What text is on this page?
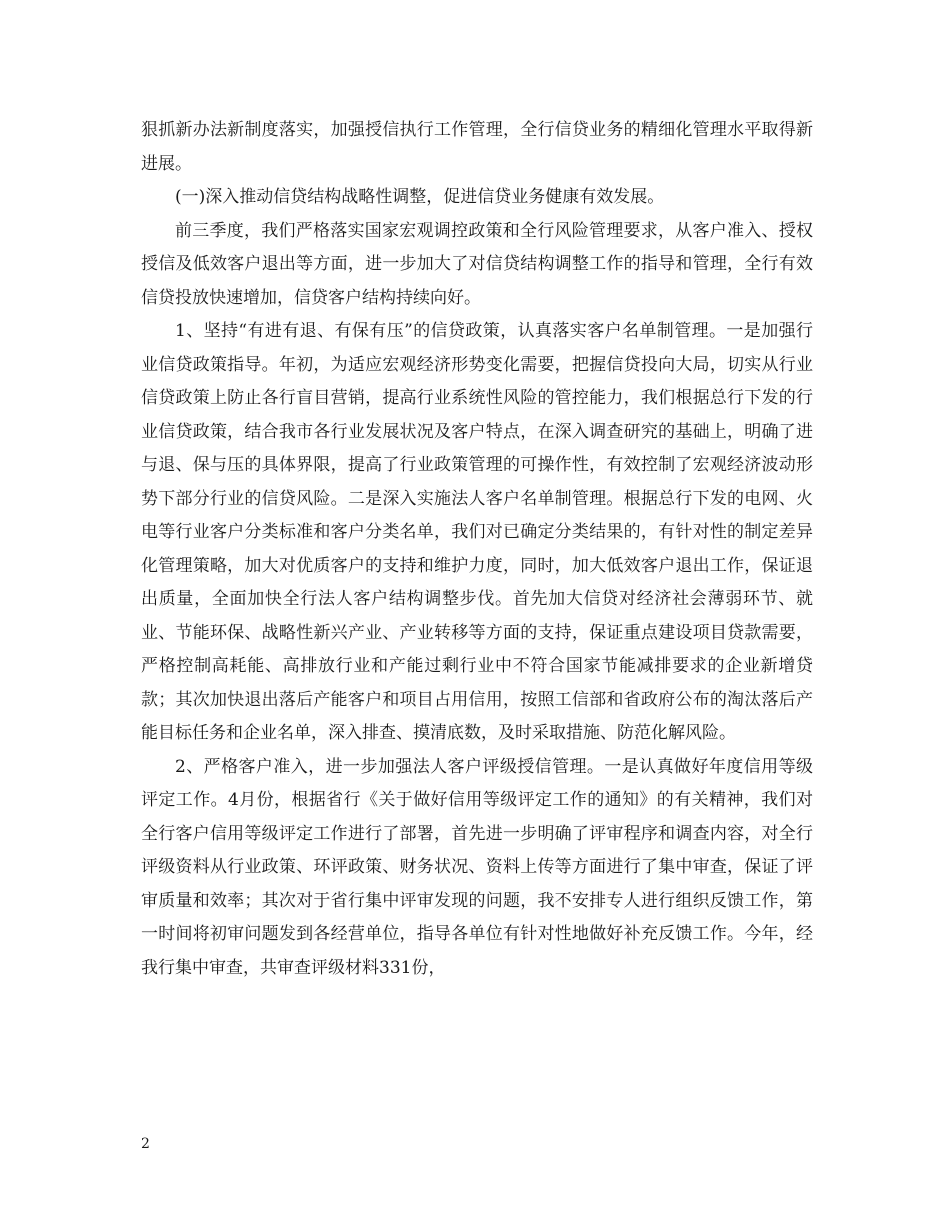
狠抓新办法新制度落实，加强授信执行工作管理，全行信贷业务的精细化管理水平取得新进展。

(一)深入推动信贷结构战略性调整，促进信贷业务健康有效发展。

前三季度，我们严格落实国家宏观调控政策和全行风险管理要求，从客户准入、授权授信及低效客户退出等方面，进一步加大了对信贷结构调整工作的指导和管理，全行有效信贷投放快速增加，信贷客户结构持续向好。

1、坚持“有进有退、有保有压”的信贷政策，认真落实客户名单制管理。一是加强行业信贷政策指导。年初，为适应宏观经济形势变化需要，把握信贷投向大局，切实从行业信贷政策上防止各行盲目营销，提高行业系统性风险的管控能力，我们根据总行下发的行业信贷政策，结合我市各行业发展状况及客户特点，在深入调查研究的基础上，明确了进与退、保与压的具体界限，提高了行业政策管理的可操作性，有效控制了宏观经济波动形势下部分行业的信贷风险。二是深入实施法人客户名单制管理。根据总行下发的电网、火电等行业客户分类标准和客户分类名单，我们对已确定分类结果的，有针对性的制定差异化管理策略，加大对优质客户的支持和维护力度，同时，加大低效客户退出工作，保证退出质量，全面加快全行法人客户结构调整步伐。首先加大信贷对经济社会薄弱环节、就业、节能环保、战略性新兴产业、产业转移等方面的支持，保证重点建设项目贷款需要，严格控制高耗能、高排放行业和产能过剩行业中不符合国家节能减排要求的企业新增贷款；其次加快退出落后产能客户和项目占用信用，按照工信部和省政府公布的淘汰落后产能目标任务和企业名单，深入排查、摸清底数，及时采取措施、防范化解风险。

2、严格客户准入，进一步加强法人客户评级授信管理。一是认真做好年度信用等级评定工作。4月份，根据省行《关于做好信用等级评定工作的通知》的有关精神，我们对全行客户信用等级评定工作进行了部署，首先进一步明确了评审程序和调查内容，对全行评级资料从行业政策、环评政策、财务状况、资料上传等方面进行了集中审查，保证了评审质量和效率；其次对于省行集中评审发现的问题，我不安排专人进行组织反馈工作，第一时间将初审问题发到各经营单位，指导各单位有针对性地做好补充反馈工作。今年，经我行集中审查，共审查评级材料331份，

2
